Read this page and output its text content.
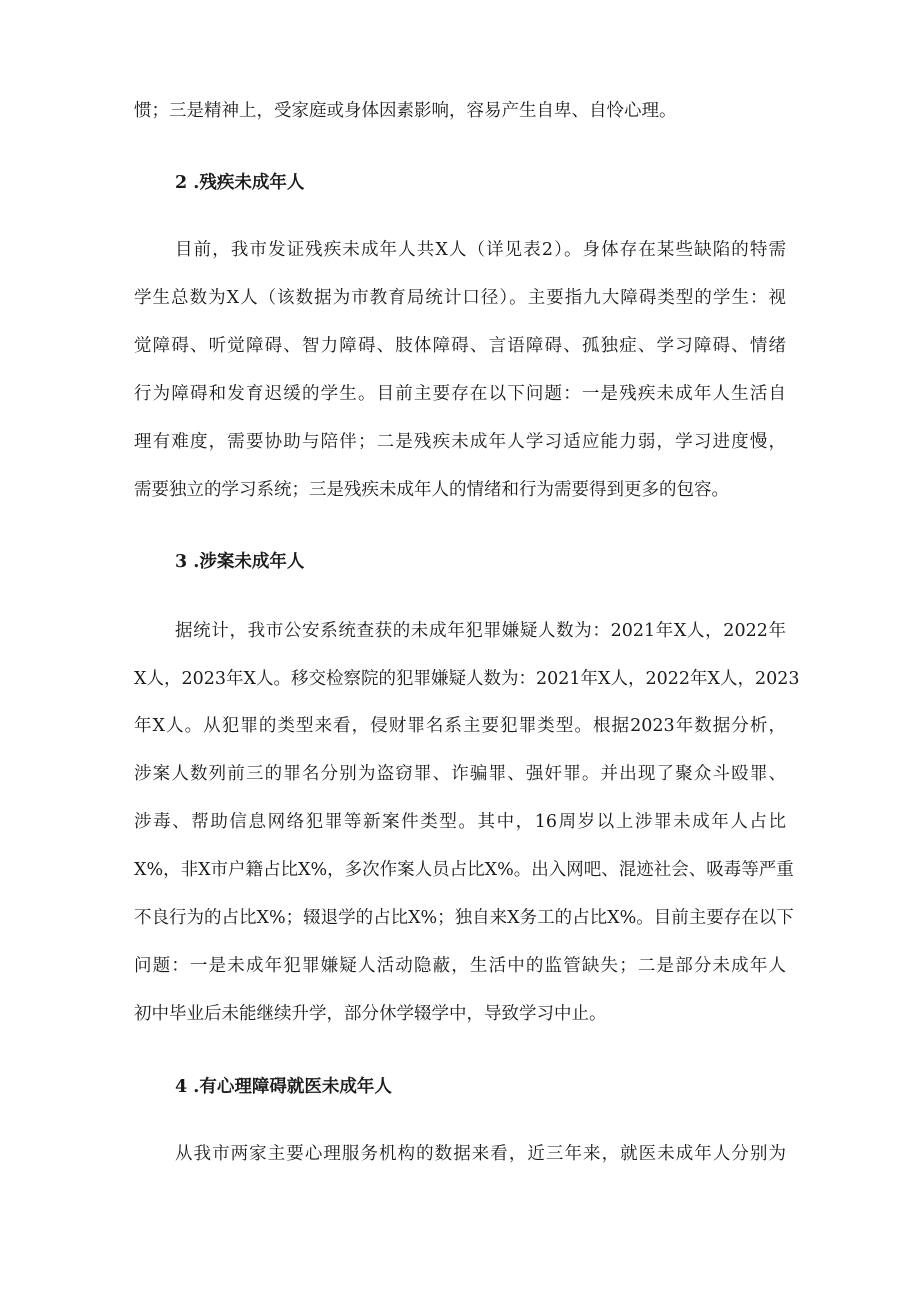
惯；三是精神上，受家庭或身体因素影响，容易产生自卑、自怜心理。
2 .残疾未成年人
目前，我市发证残疾未成年人共X人（详见表2）。身体存在某些缺陷的特需
学生总数为X人（该数据为市教育局统计口径）。主要指九大障碍类型的学生：视
觉障碍、听觉障碍、智力障碍、肢体障碍、言语障碍、孤独症、学习障碍、情绪
行为障碍和发育迟缓的学生。目前主要存在以下问题：一是残疾未成年人生活自
理有难度，需要协助与陪伴；二是残疾未成年人学习适应能力弱，学习进度慢，
需要独立的学习系统；三是残疾未成年人的情绪和行为需要得到更多的包容。
3 .涉案未成年人
据统计，我市公安系统查获的未成年犯罪嫌疑人数为：2021年X人，2022年
X人，2023年X人。移交检察院的犯罪嫌疑人数为：2021年X人，2022年X人，2023
年X人。从犯罪的类型来看，侵财罪名系主要犯罪类型。根据2023年数据分析，
涉案人数列前三的罪名分别为盗窃罪、诈骗罪、强奸罪。并出现了聚众斗殴罪、
涉毒、帮助信息网络犯罪等新案件类型。其中，16周岁以上涉罪未成年人占比
X%，非X市户籍占比X%，多次作案人员占比X%。出入网吧、混迹社会、吸毒等严重
不良行为的占比X%；辍退学的占比X%；独自来X务工的占比X%。目前主要存在以下
问题：一是未成年犯罪嫌疑人活动隐蔽，生活中的监管缺失；二是部分未成年人
初中毕业后未能继续升学，部分休学辍学中，导致学习中止。
4 .有心理障碍就医未成年人
从我市两家主要心理服务机构的数据来看，近三年来，就医未成年人分别为
